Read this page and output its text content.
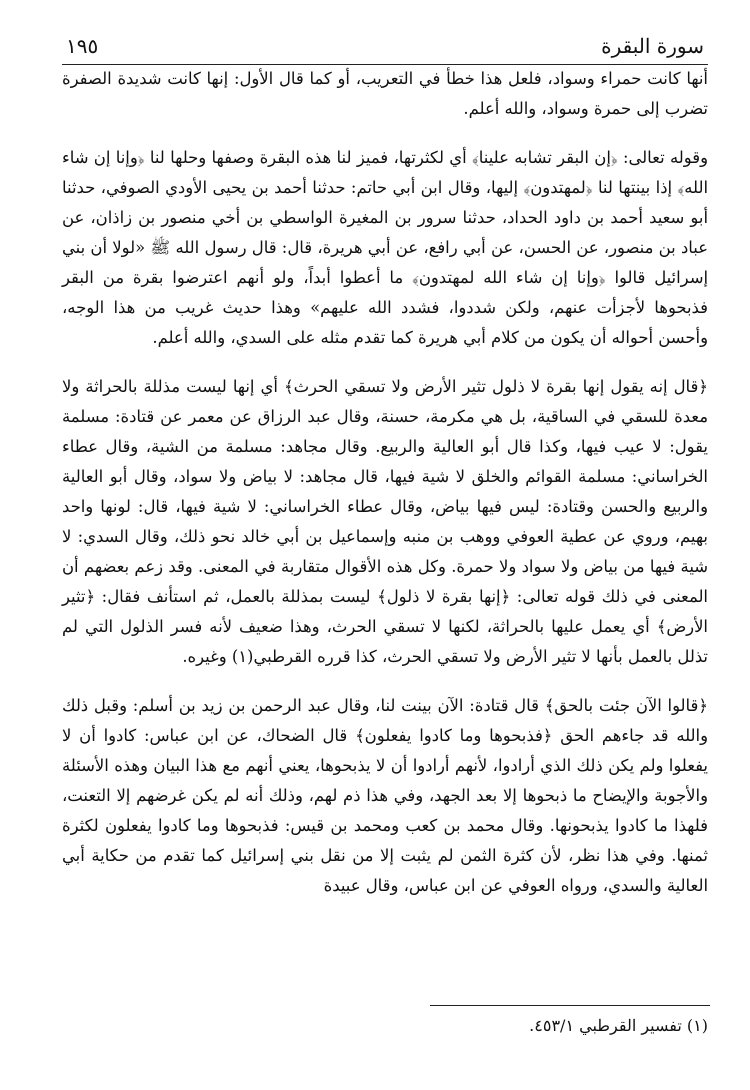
سورة البقرة
١٩٥

أنها كانت حمراء وسواد، فلعل هذا خطأ في التعريب، أو كما قال الأول: إنها كانت شديدة الصفرة تضرب إلى حمرة وسواد، والله أعلم.

وقوله تعالى: ﴿إن البقر تشابه علينا﴾ أي لكثرتها، فميز لنا هذه البقرة وصفها وحلها لنا ﴿وإنا إن شاء الله﴾ إذا بينتها لنا ﴿لمهتدون﴾ إليها، وقال ابن أبي حاتم: حدثنا أحمد بن يحيى الأودي الصوفي، حدثنا أبو سعيد أحمد بن داود الحداد، حدثنا سرور بن المغيرة الواسطي بن أخي منصور بن زاذان، عن عباد بن منصور، عن الحسن، عن أبي رافع، عن أبي هريرة، قال: قال رسول الله ﷺ «لولا أن بني إسرائيل قالوا ﴿وإنا إن شاء الله لمهتدون﴾ ما أعطوا أبداً، ولو أنهم اعترضوا بقرة من البقر فذبحوها لأجزأت عنهم، ولكن شددوا، فشدد الله عليهم» وهذا حديث غريب من هذا الوجه، وأحسن أحواله أن يكون من كلام أبي هريرة كما تقدم مثله على السدي، والله أعلم.

﴿قال إنه يقول إنها بقرة لا ذلول تثير الأرض ولا تسقي الحرث﴾ أي إنها ليست مذللة بالحراثة ولا معدة للسقي في الساقية، بل هي مكرمة، حسنة، وقال عبد الرزاق عن معمر عن قتادة: مسلمة يقول: لا عيب فيها، وكذا قال أبو العالية والربيع. وقال مجاهد: مسلمة من الشية، وقال عطاء الخراساني: مسلمة القوائم والخلق لا شية فيها، قال مجاهد: لا بياض ولا سواد، وقال أبو العالية والربيع والحسن وقتادة: ليس فيها بياض، وقال عطاء الخراساني: لا شية فيها، قال: لونها واحد بهيم، وروي عن عطية العوفي ووهب بن منبه وإسماعيل بن أبي خالد نحو ذلك، وقال السدي: لا شية فيها من بياض ولا سواد ولا حمرة. وكل هذه الأقوال متقاربة في المعنى. وقد زعم بعضهم أن المعنى في ذلك قوله تعالى: ﴿إنها بقرة لا ذلول﴾ ليست بمذللة بالعمل، ثم استأنف فقال: ﴿تثير الأرض﴾ أي يعمل عليها بالحراثة، لكنها لا تسقي الحرث، وهذا ضعيف لأنه فسر الذلول التي لم تذلل بالعمل بأنها لا تثير الأرض ولا تسقي الحرث، كذا قرره القرطبي(١) وغيره.

﴿قالوا الآن جئت بالحق﴾ قال قتادة: الآن بينت لنا، وقال عبد الرحمن بن زيد بن أسلم: وقبل ذلك والله قد جاءهم الحق ﴿فذبحوها وما كادوا يفعلون﴾ قال الضحاك، عن ابن عباس: كادوا أن لا يفعلوا ولم يكن ذلك الذي أرادوا، لأنهم أرادوا أن لا يذبحوها، يعني أنهم مع هذا البيان وهذه الأسئلة والأجوبة والإيضاح ما ذبحوها إلا بعد الجهد، وفي هذا ذم لهم، وذلك أنه لم يكن غرضهم إلا التعنت، فلهذا ما كادوا يذبحونها. وقال محمد بن كعب ومحمد بن قيس: فذبحوها وما كادوا يفعلون لكثرة ثمنها. وفي هذا نظر، لأن كثرة الثمن لم يثبت إلا من نقل بني إسرائيل كما تقدم من حكاية أبي العالية والسدي، ورواه العوفي عن ابن عباس، وقال عبيدة

(١) تفسير القرطبي ٤٥٣/١.
